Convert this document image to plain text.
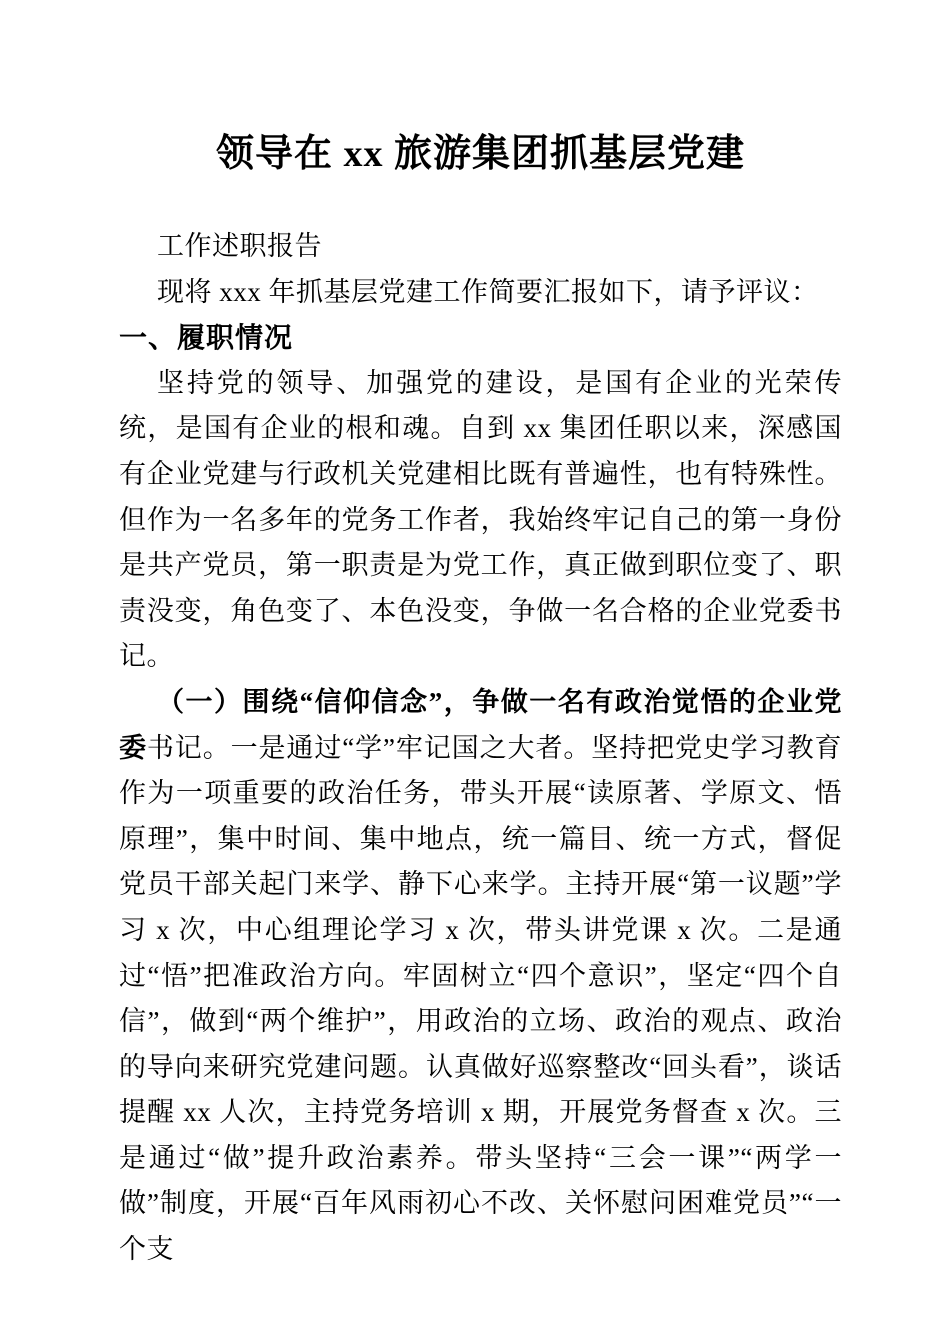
领导在 xx 旅游集团抓基层党建

工作述职报告

现将 xxx 年抓基层党建工作简要汇报如下，请予评议：

一、履职情况

坚持党的领导、加强党的建设，是国有企业的光荣传统，是国有企业的根和魂。自到 xx 集团任职以来，深感国有企业党建与行政机关党建相比既有普遍性，也有特殊性。但作为一名多年的党务工作者，我始终牢记自己的第一身份是共产党员，第一职责是为党工作，真正做到职位变了、职责没变，角色变了、本色没变，争做一名合格的企业党委书记。

（一）围绕“信仰信念”，争做一名有政治觉悟的企业党委书记。一是通过“学”牢记国之大者。坚持把党史学习教育作为一项重要的政治任务，带头开展“读原著、学原文、悟原理”，集中时间、集中地点，统一篇目、统一方式，督促党员干部关起门来学、静下心来学。主持开展“第一议题”学习 x 次，中心组理论学习 x 次，带头讲党课 x 次。二是通过“悟”把准政治方向。牢固树立“四个意识”，坚定“四个自信”，做到“两个维护”，用政治的立场、政治的观点、政治的导向来研究党建问题。认真做好巡察整改“回头看”，谈话提醒 xx 人次，主持党务培训 x 期，开展党务督查 x 次。三是通过“做”提升政治素养。带头坚持“三会一课”“两学一做”制度，开展“百年风雨初心不改、关怀慰问困难党员”“一个支
